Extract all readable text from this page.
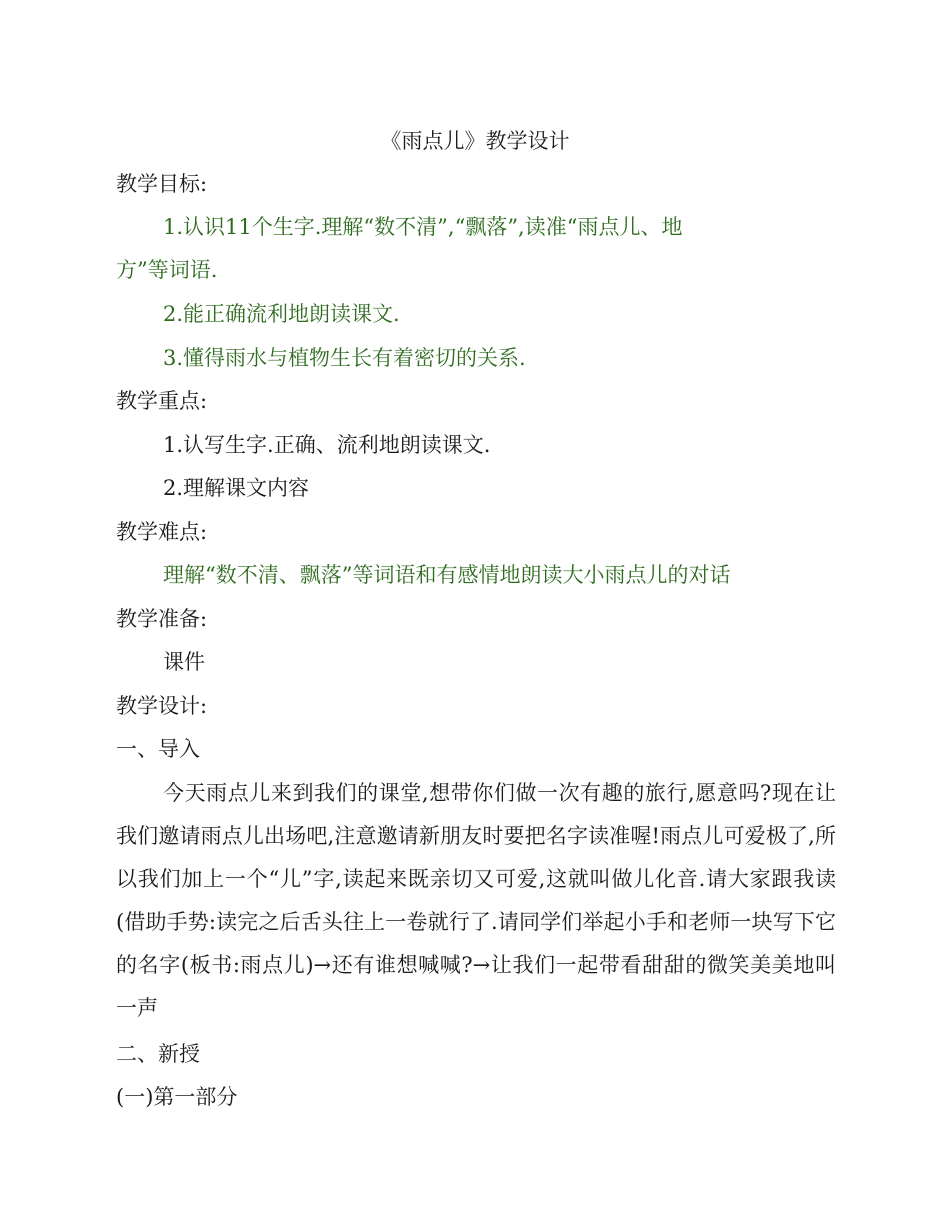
《雨点儿》教学设计
教学目标:
1.认识11个生字.理解“数不清”,“飘落”,读准“雨点儿、地
方”等词语.
2.能正确流利地朗读课文.
3.懂得雨水与植物生长有着密切的关系.
教学重点:
1.认写生字.正确、流利地朗读课文.
2.理解课文内容
教学难点:
理解“数不清、飘落”等词语和有感情地朗读大小雨点儿的对话
教学准备:
课件
教学设计:
一、导入
今天雨点儿来到我们的课堂,想带你们做一次有趣的旅行,愿意吗?现在让我们邀请雨点儿出场吧,注意邀请新朋友时要把名字读准喔!雨点儿可爱极了,所以我们加上一个“儿”字,读起来既亲切又可爱,这就叫做儿化音.请大家跟我读(借助手势:读完之后舌头往上一卷就行了.请同学们举起小手和老师一块写下它的名字(板书:雨点儿)→还有谁想喊喊?→让我们一起带看甜甜的微笑美美地叫一声
二、新授
(一)第一部分
